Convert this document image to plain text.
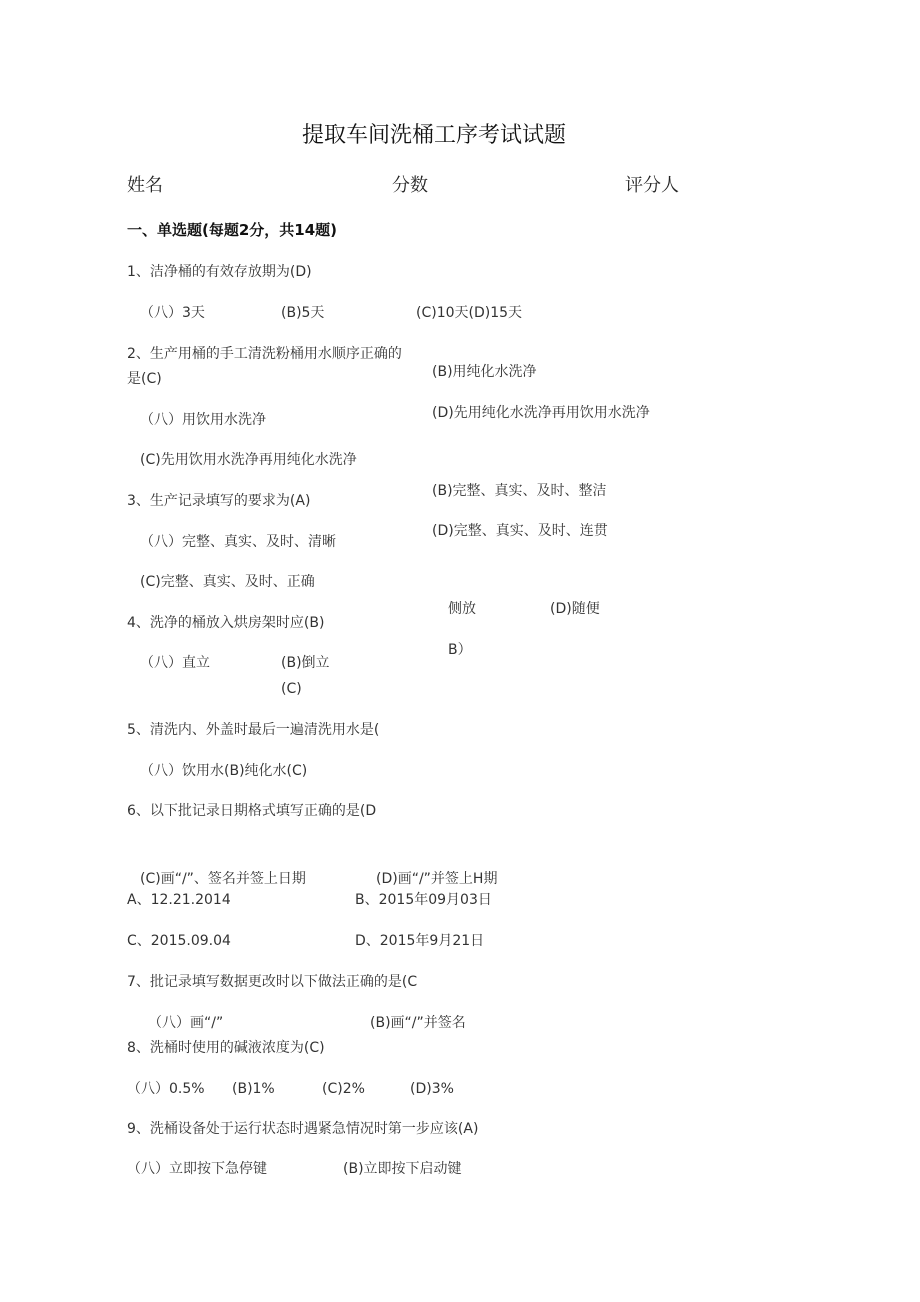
提取车间洗桶工序考试试题
姓名	分数	评分人
一、单选题(每题2分，共14题)
1、洁净桶的有效存放期为(D)
（八）3天	(B)5天	(C)10天(D)15天
2、生产用桶的手工清洗粉桶用水顺序正确的
是(C)	(B)用纯化水洗净
(D)先用纯化水洗净再用饮用水洗净
（八）用饮用水洗净
(C)先用饮用水洗净再用纯化水洗净
(B)完整、真实、及时、整洁
3、生产记录填写的要求为(A)
(D)完整、真实、及时、连贯
（八）完整、真实、及时、清晰
(C)完整、真实、及时、正确
侧放	(D)随便
4、洗净的桶放入烘房架时应(B)
B）
（八）直立	(B)倒立
(C)
5、清洗内、外盖时最后一遍清洗用水是(
（八）饮用水(B)纯化水(C)
6、以下批记录日期格式填写正确的是(D
(C)画“/”、签名并签上日期	(D)画“/”并签上H期
A、12.21.2014	B、2015年09月03日
C、2015.09.04	D、2015年9月21日
7、批记录填写数据更改时以下做法正确的是(C
（八）画“/”	(B)画“/”并签名
8、洗桶时使用的碱液浓度为(C)
（八）0.5% (B)1%	(C)2%	(D)3%
9、洗桶设备处于运行状态时遇紧急情况时第一步应该(A)
（八）立即按下急停键	(B)立即按下启动键
